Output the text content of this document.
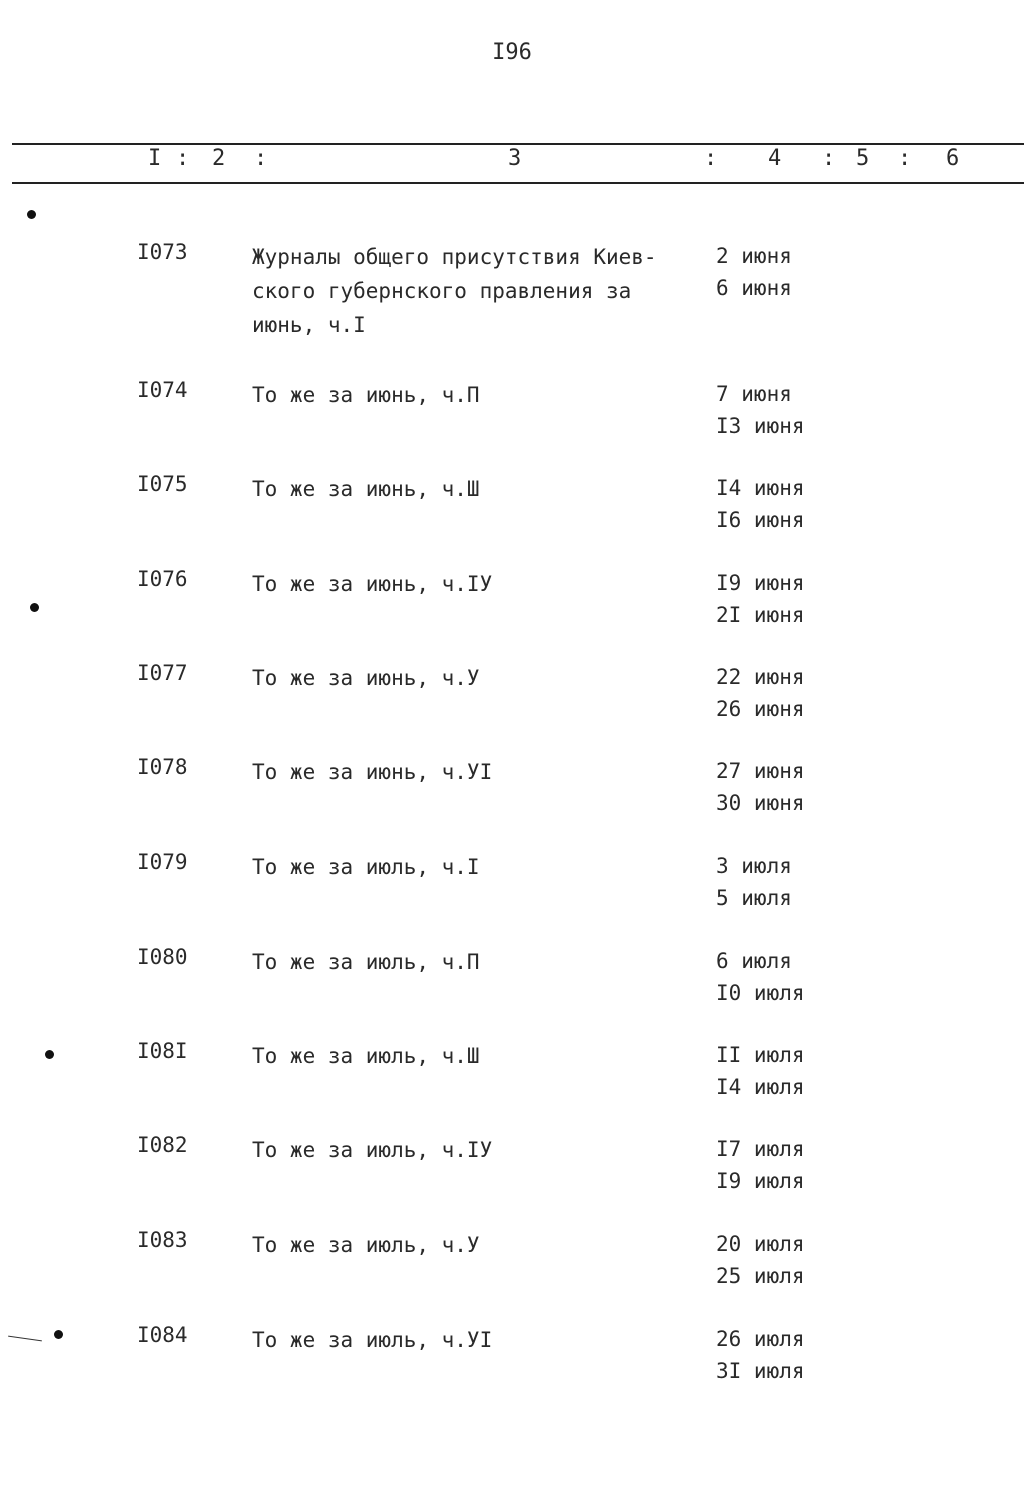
I96
I : 2 :	3	: 4 : 5 : 6
I073	Журналы общего присутствия Киев-
ского губернского правления за
июнь, ч.I
2 июня
6 июня
I074	То же за июнь, ч.П	7 июня
I3 июня
I075	То же за июнь, ч.Ш	I4 июня
I6 июня
I076	То же за июнь, ч.IУ	I9 июня
2I июня
I077	То же за июнь, ч.У	22 июня
26 июня
I078	То же за июнь, ч.УI	27 июня
30 июня
I079	То же за июль, ч.I	3 июля
5 июля
I080	То же за июль, ч.П	6 июля
I0 июля
I08I	То же за июль, ч.Ш	II июля
I4 июля
I082	То же за июль, ч.IУ	I7 июля
I9 июля
I083	То же за июль, ч.У	20 июля
25 июля
I084	То же за июль, ч.УI	26 июля
3I июля
